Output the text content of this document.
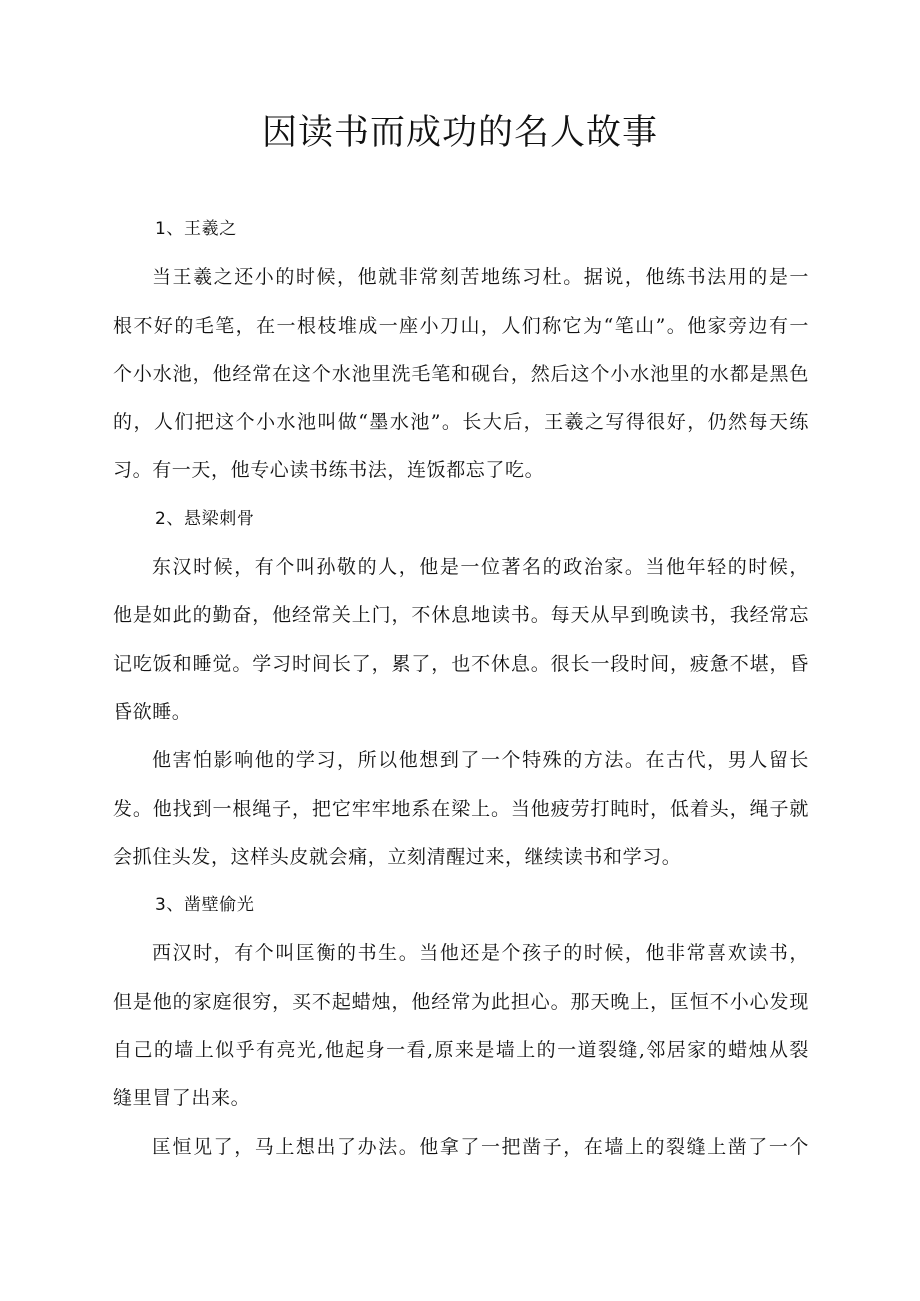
因读书而成功的名人故事
1、王羲之
当王羲之还小的时候，他就非常刻苦地练习杜。据说，他练书法用的是一
根不好的毛笔，在一根枝堆成一座小刀山，人们称它为“笔山”。他家旁边有一
个小水池，他经常在这个水池里洗毛笔和砚台，然后这个小水池里的水都是黑色
的，人们把这个小水池叫做“墨水池”。长大后，王羲之写得很好，仍然每天练
习。有一天，他专心读书练书法，连饭都忘了吃。
2、悬梁刺骨
东汉时候，有个叫孙敬的人，他是一位著名的政治家。当他年轻的时候，
他是如此的勤奋，他经常关上门，不休息地读书。每天从早到晚读书，我经常忘
记吃饭和睡觉。学习时间长了，累了，也不休息。很长一段时间，疲惫不堪，昏
昏欲睡。
他害怕影响他的学习，所以他想到了一个特殊的方法。在古代，男人留长
发。他找到一根绳子，把它牢牢地系在梁上。当他疲劳打盹时，低着头，绳子就
会抓住头发，这样头皮就会痛，立刻清醒过来，继续读书和学习。
3、凿壁偷光
西汉时，有个叫匡衡的书生。当他还是个孩子的时候，他非常喜欢读书，
但是他的家庭很穷，买不起蜡烛，他经常为此担心。那天晚上，匡恒不小心发现
自己的墙上似乎有亮光,他起身一看,原来是墙上的一道裂缝,邻居家的蜡烛从裂
缝里冒了出来。
匡恒见了，马上想出了办法。他拿了一把凿子，在墙上的裂缝上凿了一个
